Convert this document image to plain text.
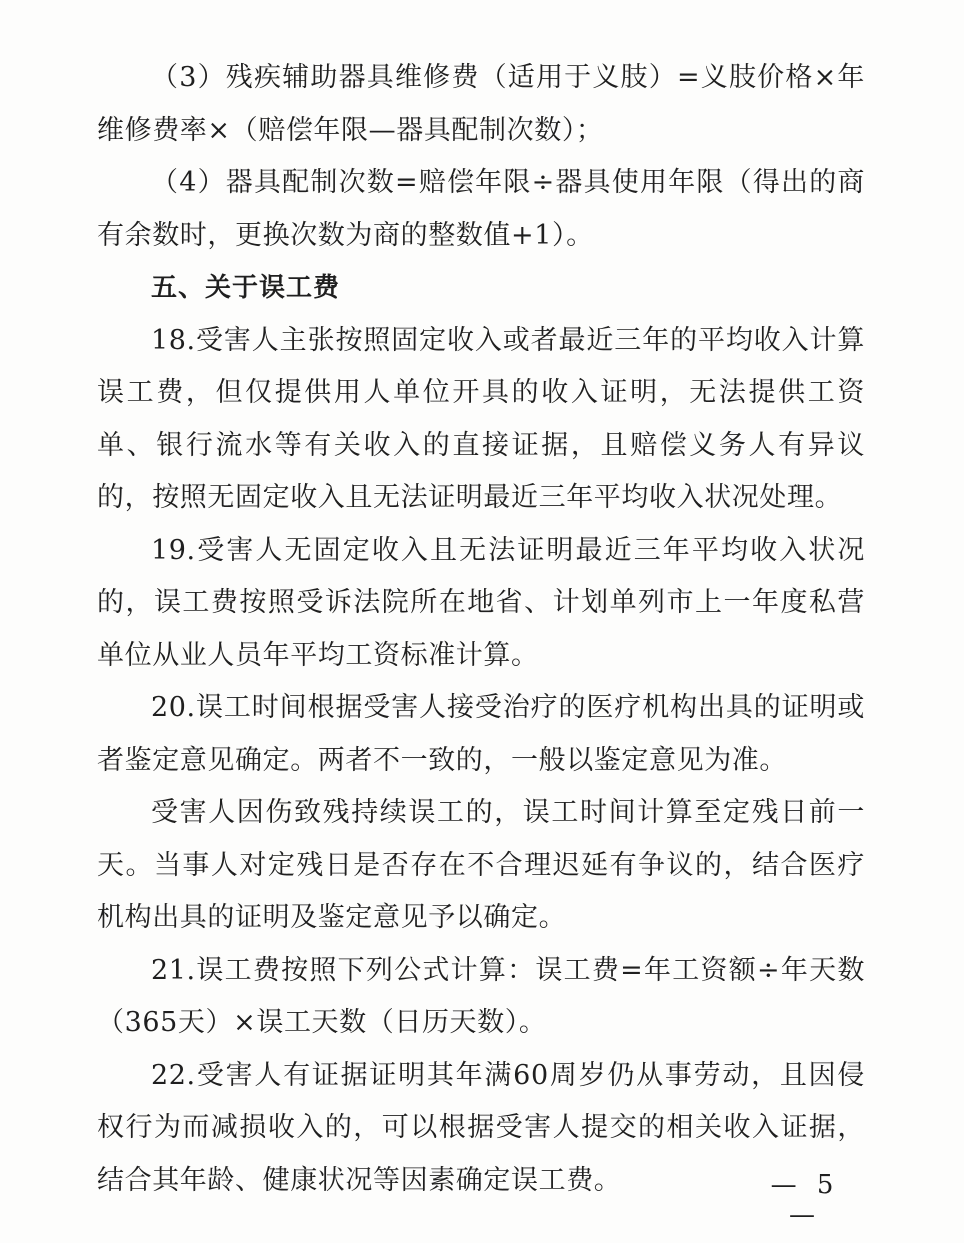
（3）残疾辅助器具维修费（适用于义肢）=义肢价格×年维修费率×（赔偿年限—器具配制次数）；

（4）器具配制次数=赔偿年限÷器具使用年限（得出的商有余数时，更换次数为商的整数值+1）。

五、关于误工费

18.受害人主张按照固定收入或者最近三年的平均收入计算误工费，但仅提供用人单位开具的收入证明，无法提供工资单、银行流水等有关收入的直接证据，且赔偿义务人有异议的，按照无固定收入且无法证明最近三年平均收入状况处理。

19.受害人无固定收入且无法证明最近三年平均收入状况的，误工费按照受诉法院所在地省、计划单列市上一年度私营单位从业人员年平均工资标准计算。

20.误工时间根据受害人接受治疗的医疗机构出具的证明或者鉴定意见确定。两者不一致的，一般以鉴定意见为准。

受害人因伤致残持续误工的，误工时间计算至定残日前一天。当事人对定残日是否存在不合理迟延有争议的，结合医疗机构出具的证明及鉴定意见予以确定。

21.误工费按照下列公式计算：误工费=年工资额÷年天数（365天）×误工天数（日历天数）。

22.受害人有证据证明其年满60周岁仍从事劳动，且因侵权行为而减损收入的，可以根据受害人提交的相关收入证据，结合其年龄、健康状况等因素确定误工费。	— 5 —
